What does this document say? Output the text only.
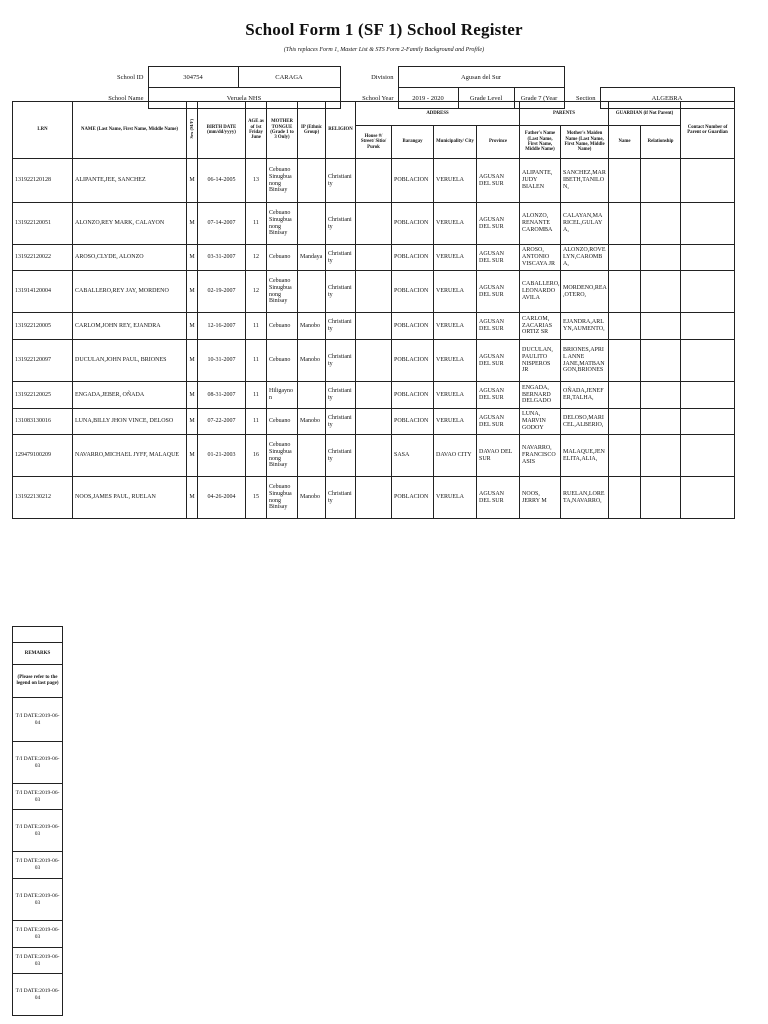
School Form 1 (SF 1) School Register
(This replaces Form 1, Master List & STS Form 2-Family Background and Profile)
School ID	304754	CARAGA	Division	Agusan del Sur				
School Name	Veruela NHS		School Year	2019 - 2020	Grade Level	Grade 7 (Year	Section	ALGEBRA
LRN	NAME (Last Name, First Name, Middle Name)	Sex (M/F)	BIRTH DATE (mm/dd/yyyy)	AGE as of 1st Friday June	MOTHER TONGUE (Grade 1 to 3 Only)	IP (Ethnic Group)	RELIGION	ADDRESS				PARENTS		GUARDIAN (if Not Parent)		Contact Number of Parent or Guardian
								House #/ Street/ Sitio/ Purok	Barangay	Municipality/ City	Province	Father's Name (Last Name, First Name, Middle Name)	Mother's Maiden Name (Last Name, First Name, Middle Name)	Name	Relationship	
131922120128	ALIPANTE,JEE, SANCHEZ	M	06-14-2005	13	Cebuano Sinugbua nong Binisay		Christiani ty		POBLACION	VERUELA	AGUSAN DEL SUR	ALIPANTE, JUDY BIALEN	SANCHEZ,MAR IBETH,TANILO N,			
131922120051	ALONZO,REY MARK, CALAYON	M	07-14-2007	11	Cebuano Sinugbua nong Binisay		Christiani ty		POBLACION	VERUELA	AGUSAN DEL SUR	ALONZO, RENANTE CAROMBA	CALAYAN,MA RICEL,GULAY A,			
131922120022	AROSO,CLYDE, ALONZO	M	03-31-2007	12	Cebuano	Mandaya	Christiani ty		POBLACION	VERUELA	AGUSAN DEL SUR	AROSO, ANTONIO VISCAYA JR	ALONZO,ROVE LYN,CAROMB A,			
131914120004	CABALLERO,REY JAY, MORDENO	M	02-19-2007	12	Cebuano Sinugbua nong Binisay		Christiani ty		POBLACION	VERUELA	AGUSAN DEL SUR	CABALLERO, LEONARDO AVILA	MORDENO,REA ,OTERO,			
131922120005	CARLOM,JOHN REY, EJANDRA	M	12-16-2007	11	Cebuano	Manobo	Christiani ty		POBLACION	VERUELA	AGUSAN DEL SUR	CARLOM, ZACARIAS ORTIZ SR	EJANDRA,ARL YN,AUMENTO,			
131922120097	DUCULAN,JOHN PAUL, BRIONES	M	10-31-2007	11	Cebuano	Manobo	Christiani ty		POBLACION	VERUELA	AGUSAN DEL SUR	DUCULAN, PAULITO NISPEROS JR	BRIONES,APRI L ANNE JANE,MATBAN GON,BRIONES			
131922120025	ENGADA,JEBER, OÑADA	M	08-31-2007	11	Hiligayno n		Christiani ty		POBLACION	VERUELA	AGUSAN DEL SUR	ENGADA, BERNARD DELGADO	OÑADA,JENEF ER,TALHA,			
131083130016	LUNA,BILLY JHON VINCE, DELOSO	M	07-22-2007	11	Cebuano	Manobo	Christiani ty		POBLACION	VERUELA	AGUSAN DEL SUR	LUNA, MARVIN GODOY	DELOSO,MARI CEL,ALBERIO,			
129479100209	NAVARRO,MICHAEL JYFF, MALAQUE	M	01-21-2003	16	Cebuano Sinugbua nong Binisay		Christiani ty		SASA	DAVAO CITY	DAVAO DEL SUR	NAVARRO, FRANCISCO ASIS	MALAQUE,JEN ELITA,ALIA,			
131922130212	NOOS,JAMES PAUL, RUELAN	M	04-26-2004	15	Cebuano Sinugbua nong Binisay	Manobo	Christiani ty		POBLACION	VERUELA	AGUSAN DEL SUR	NOOS, JERRY M	RUELAN,LORE TA,NAVARRO,			

REMARKS
(Please refer to the legend on last page)
T/I DATE:2019-06-04
T/I DATE:2019-06-03
T/I DATE:2019-06-03
T/I DATE:2019-06-03
T/I DATE:2019-06-03
T/I DATE:2019-06-03
T/I DATE:2019-06-03
T/I DATE:2019-06-03
T/I DATE:2019-06-04
